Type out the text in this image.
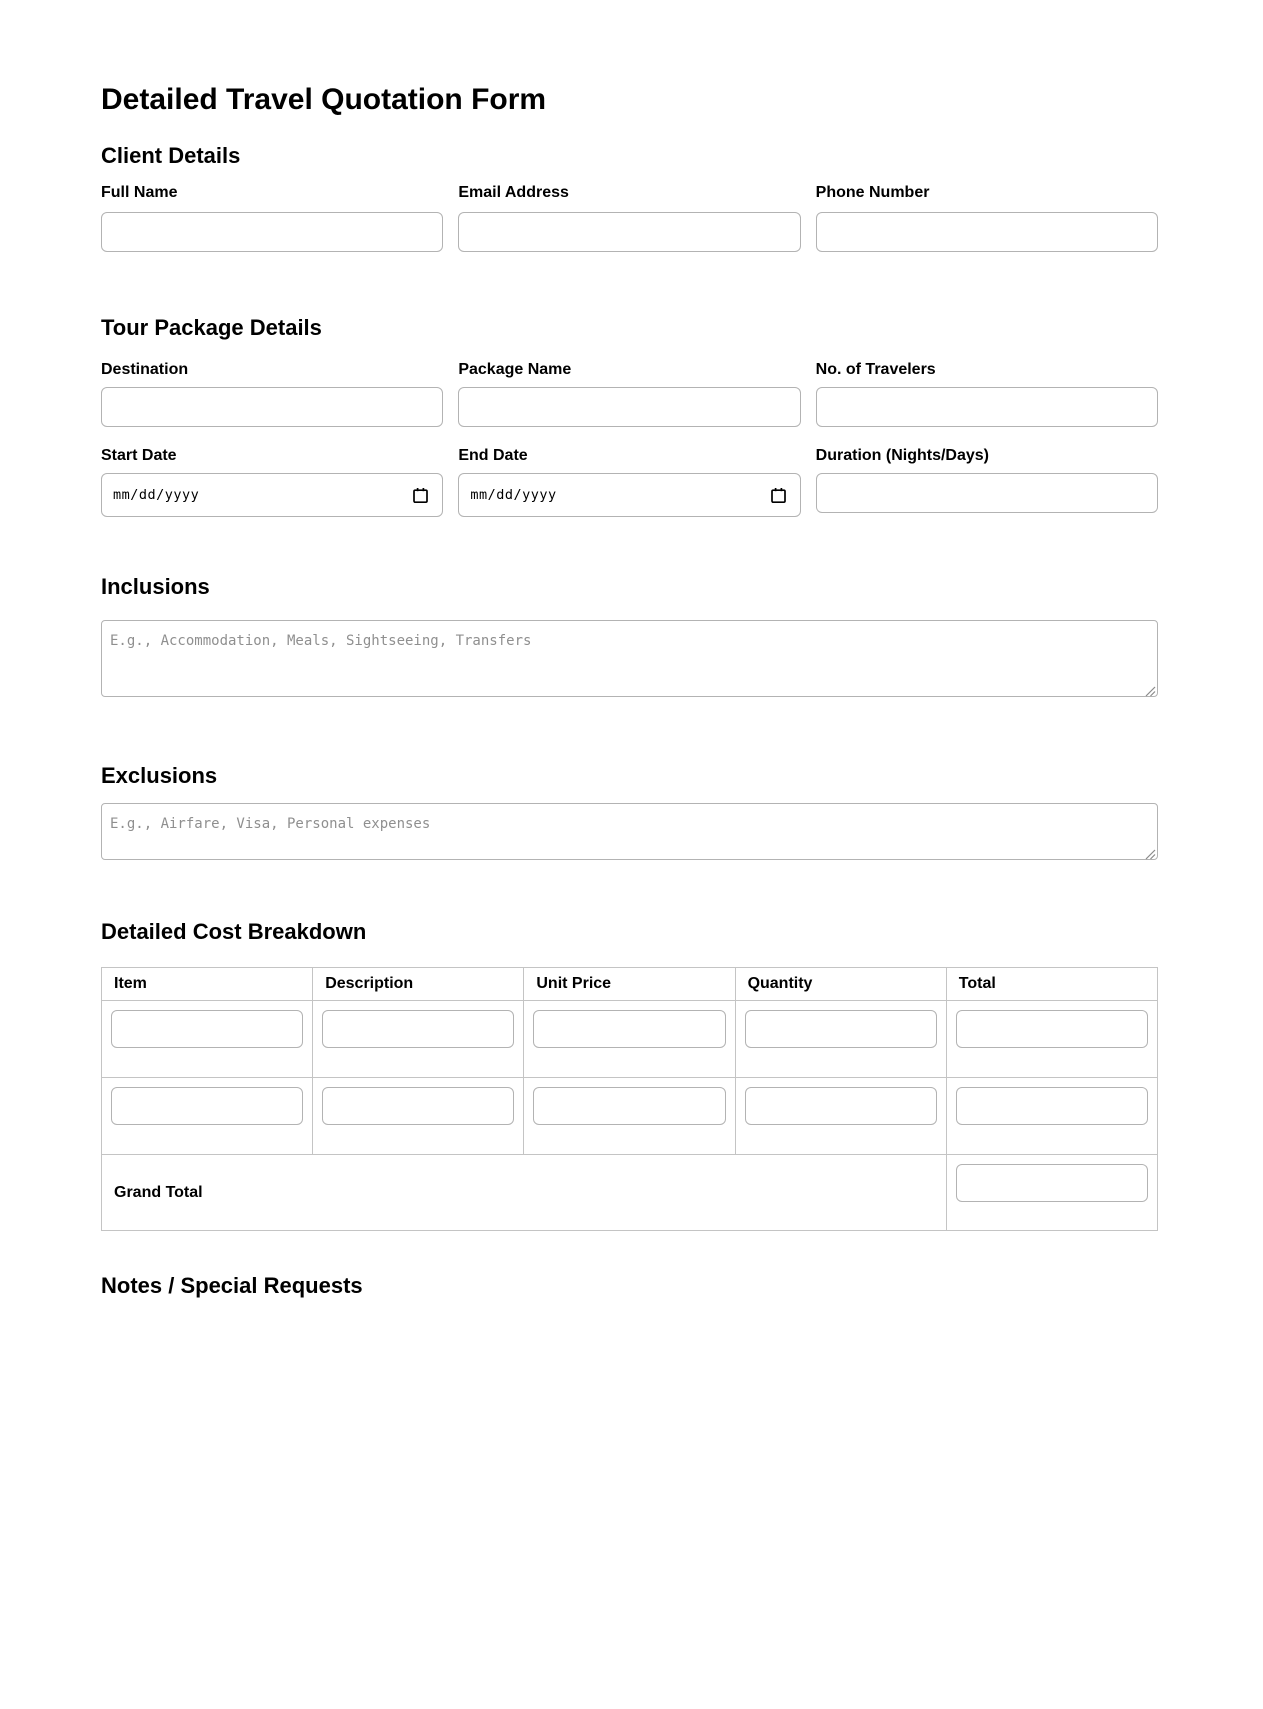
Detailed Travel Quotation Form
Client Details
Full Name	Email Address	Phone Number
Tour Package Details
Destination	Package Name	No. of Travelers
Start Date	End Date	Duration (Nights/Days)
mm/dd/yyyy	mm/dd/yyyy
Inclusions
E.g., Accommodation, Meals, Sightseeing, Transfers
Exclusions
E.g., Airfare, Visa, Personal expenses
Detailed Cost Breakdown
Item	Description	Unit Price	Quantity	Total

Grand Total	
Notes / Special Requests
